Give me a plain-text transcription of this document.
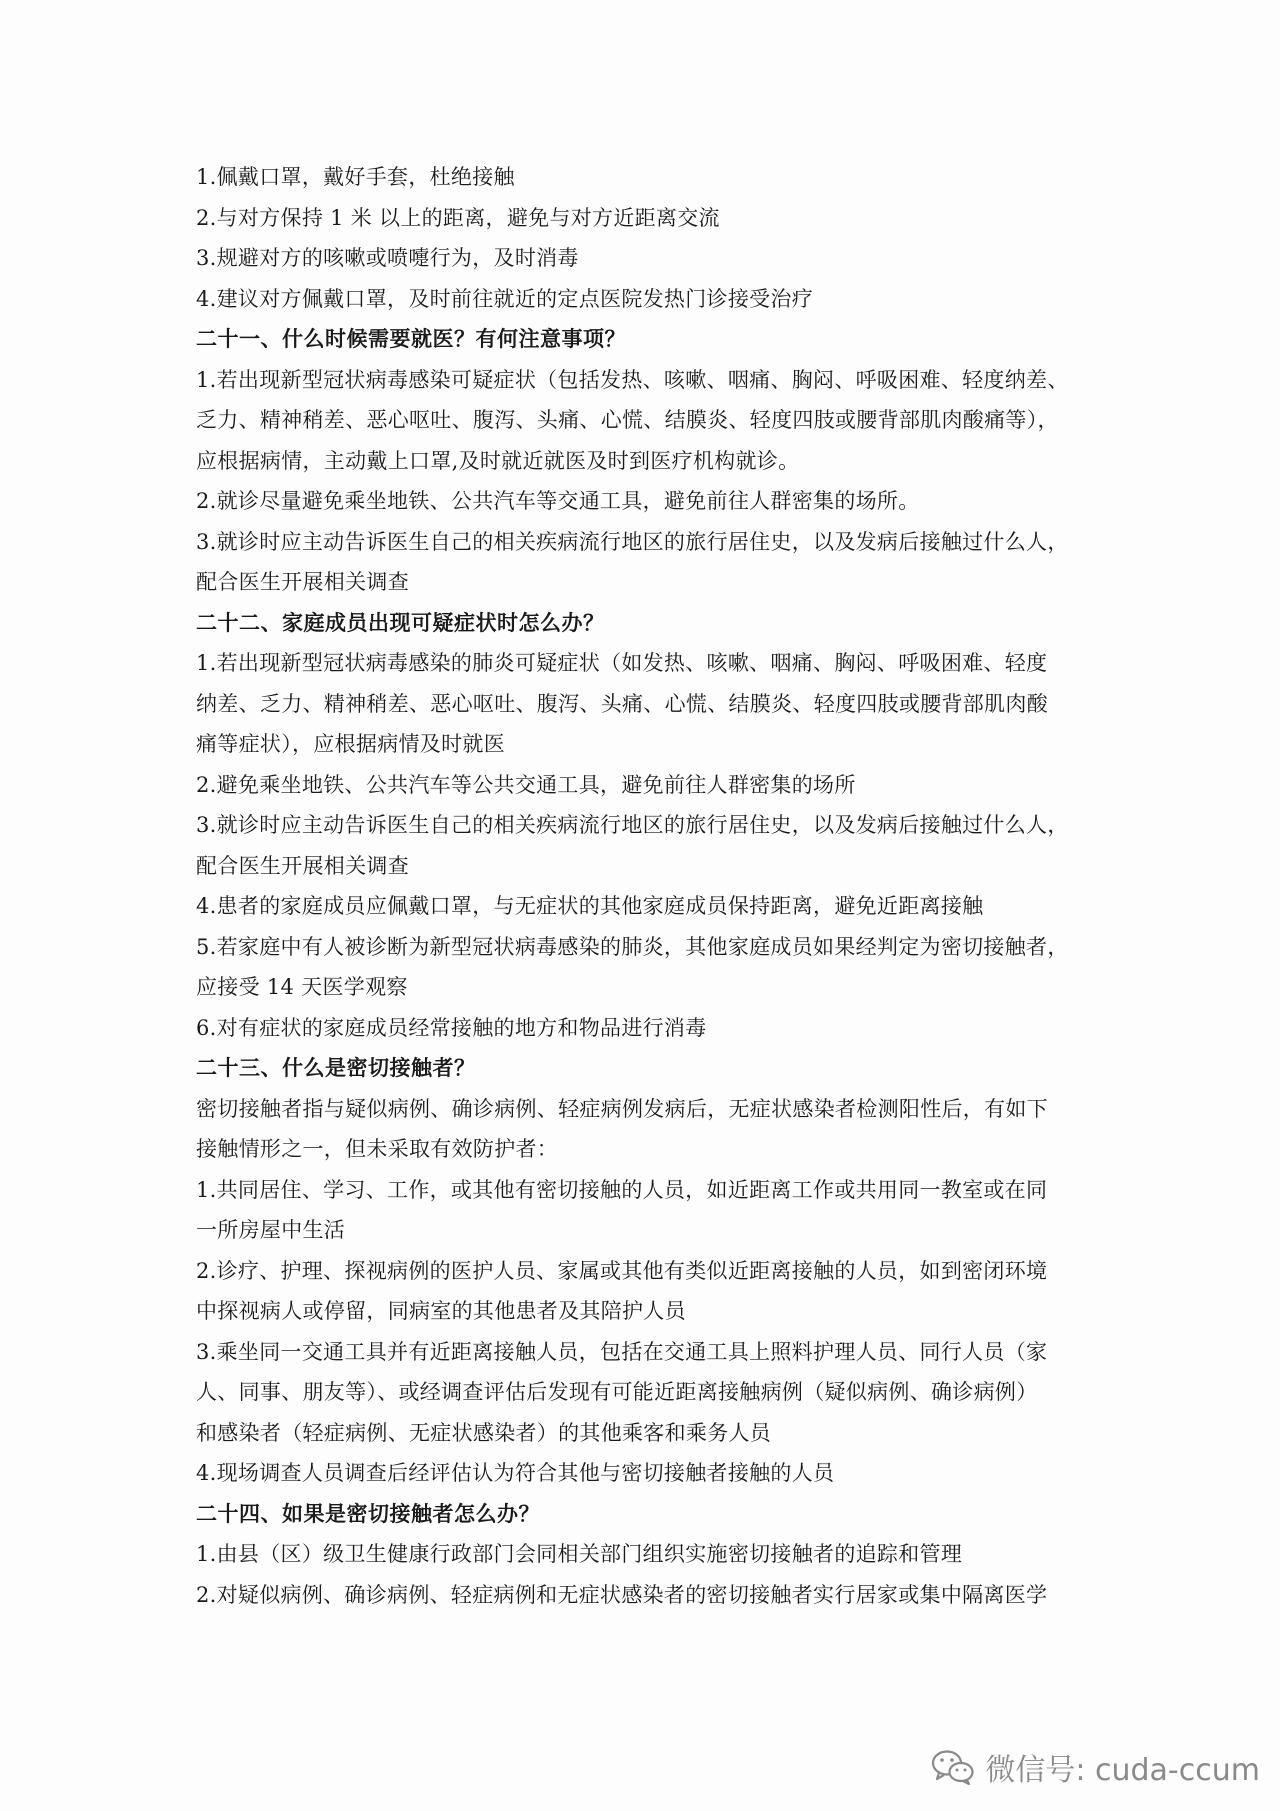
1.佩戴口罩，戴好手套，杜绝接触
2.与对方保持 1 米 以上的距离，避免与对方近距离交流
3.规避对方的咳嗽或喷嚏行为，及时消毒
4.建议对方佩戴口罩，及时前往就近的定点医院发热门诊接受治疗
二十一、什么时候需要就医？有何注意事项？
1.若出现新型冠状病毒感染可疑症状（包括发热、咳嗽、咽痛、胸闷、呼吸困难、轻度纳差、
乏力、精神稍差、恶心呕吐、腹泻、头痛、心慌、结膜炎、轻度四肢或腰背部肌肉酸痛等），
应根据病情，主动戴上口罩,及时就近就医及时到医疗机构就诊。
2.就诊尽量避免乘坐地铁、公共汽车等交通工具，避免前往人群密集的场所。
3.就诊时应主动告诉医生自己的相关疾病流行地区的旅行居住史，以及发病后接触过什么人，
配合医生开展相关调查
二十二、家庭成员出现可疑症状时怎么办？
1.若出现新型冠状病毒感染的肺炎可疑症状（如发热、咳嗽、咽痛、胸闷、呼吸困难、轻度
纳差、乏力、精神稍差、恶心呕吐、腹泻、头痛、心慌、结膜炎、轻度四肢或腰背部肌肉酸
痛等症状），应根据病情及时就医
2.避免乘坐地铁、公共汽车等公共交通工具，避免前往人群密集的场所
3.就诊时应主动告诉医生自己的相关疾病流行地区的旅行居住史，以及发病后接触过什么人，
配合医生开展相关调查
4.患者的家庭成员应佩戴口罩，与无症状的其他家庭成员保持距离，避免近距离接触
5.若家庭中有人被诊断为新型冠状病毒感染的肺炎，其他家庭成员如果经判定为密切接触者，
应接受 14 天医学观察
6.对有症状的家庭成员经常接触的地方和物品进行消毒
二十三、什么是密切接触者？
密切接触者指与疑似病例、确诊病例、轻症病例发病后，无症状感染者检测阳性后，有如下
接触情形之一，但未采取有效防护者：
1.共同居住、学习、工作，或其他有密切接触的人员，如近距离工作或共用同一教室或在同
一所房屋中生活
2.诊疗、护理、探视病例的医护人员、家属或其他有类似近距离接触的人员，如到密闭环境
中探视病人或停留，同病室的其他患者及其陪护人员
3.乘坐同一交通工具并有近距离接触人员，包括在交通工具上照料护理人员、同行人员（家
人、同事、朋友等）、或经调查评估后发现有可能近距离接触病例（疑似病例、确诊病例）
和感染者（轻症病例、无症状感染者）的其他乘客和乘务人员
4.现场调查人员调查后经评估认为符合其他与密切接触者接触的人员
二十四、如果是密切接触者怎么办？
1.由县（区）级卫生健康行政部门会同相关部门组织实施密切接触者的追踪和管理
2.对疑似病例、确诊病例、轻症病例和无症状感染者的密切接触者实行居家或集中隔离医学
微信号: cuda-ccum
